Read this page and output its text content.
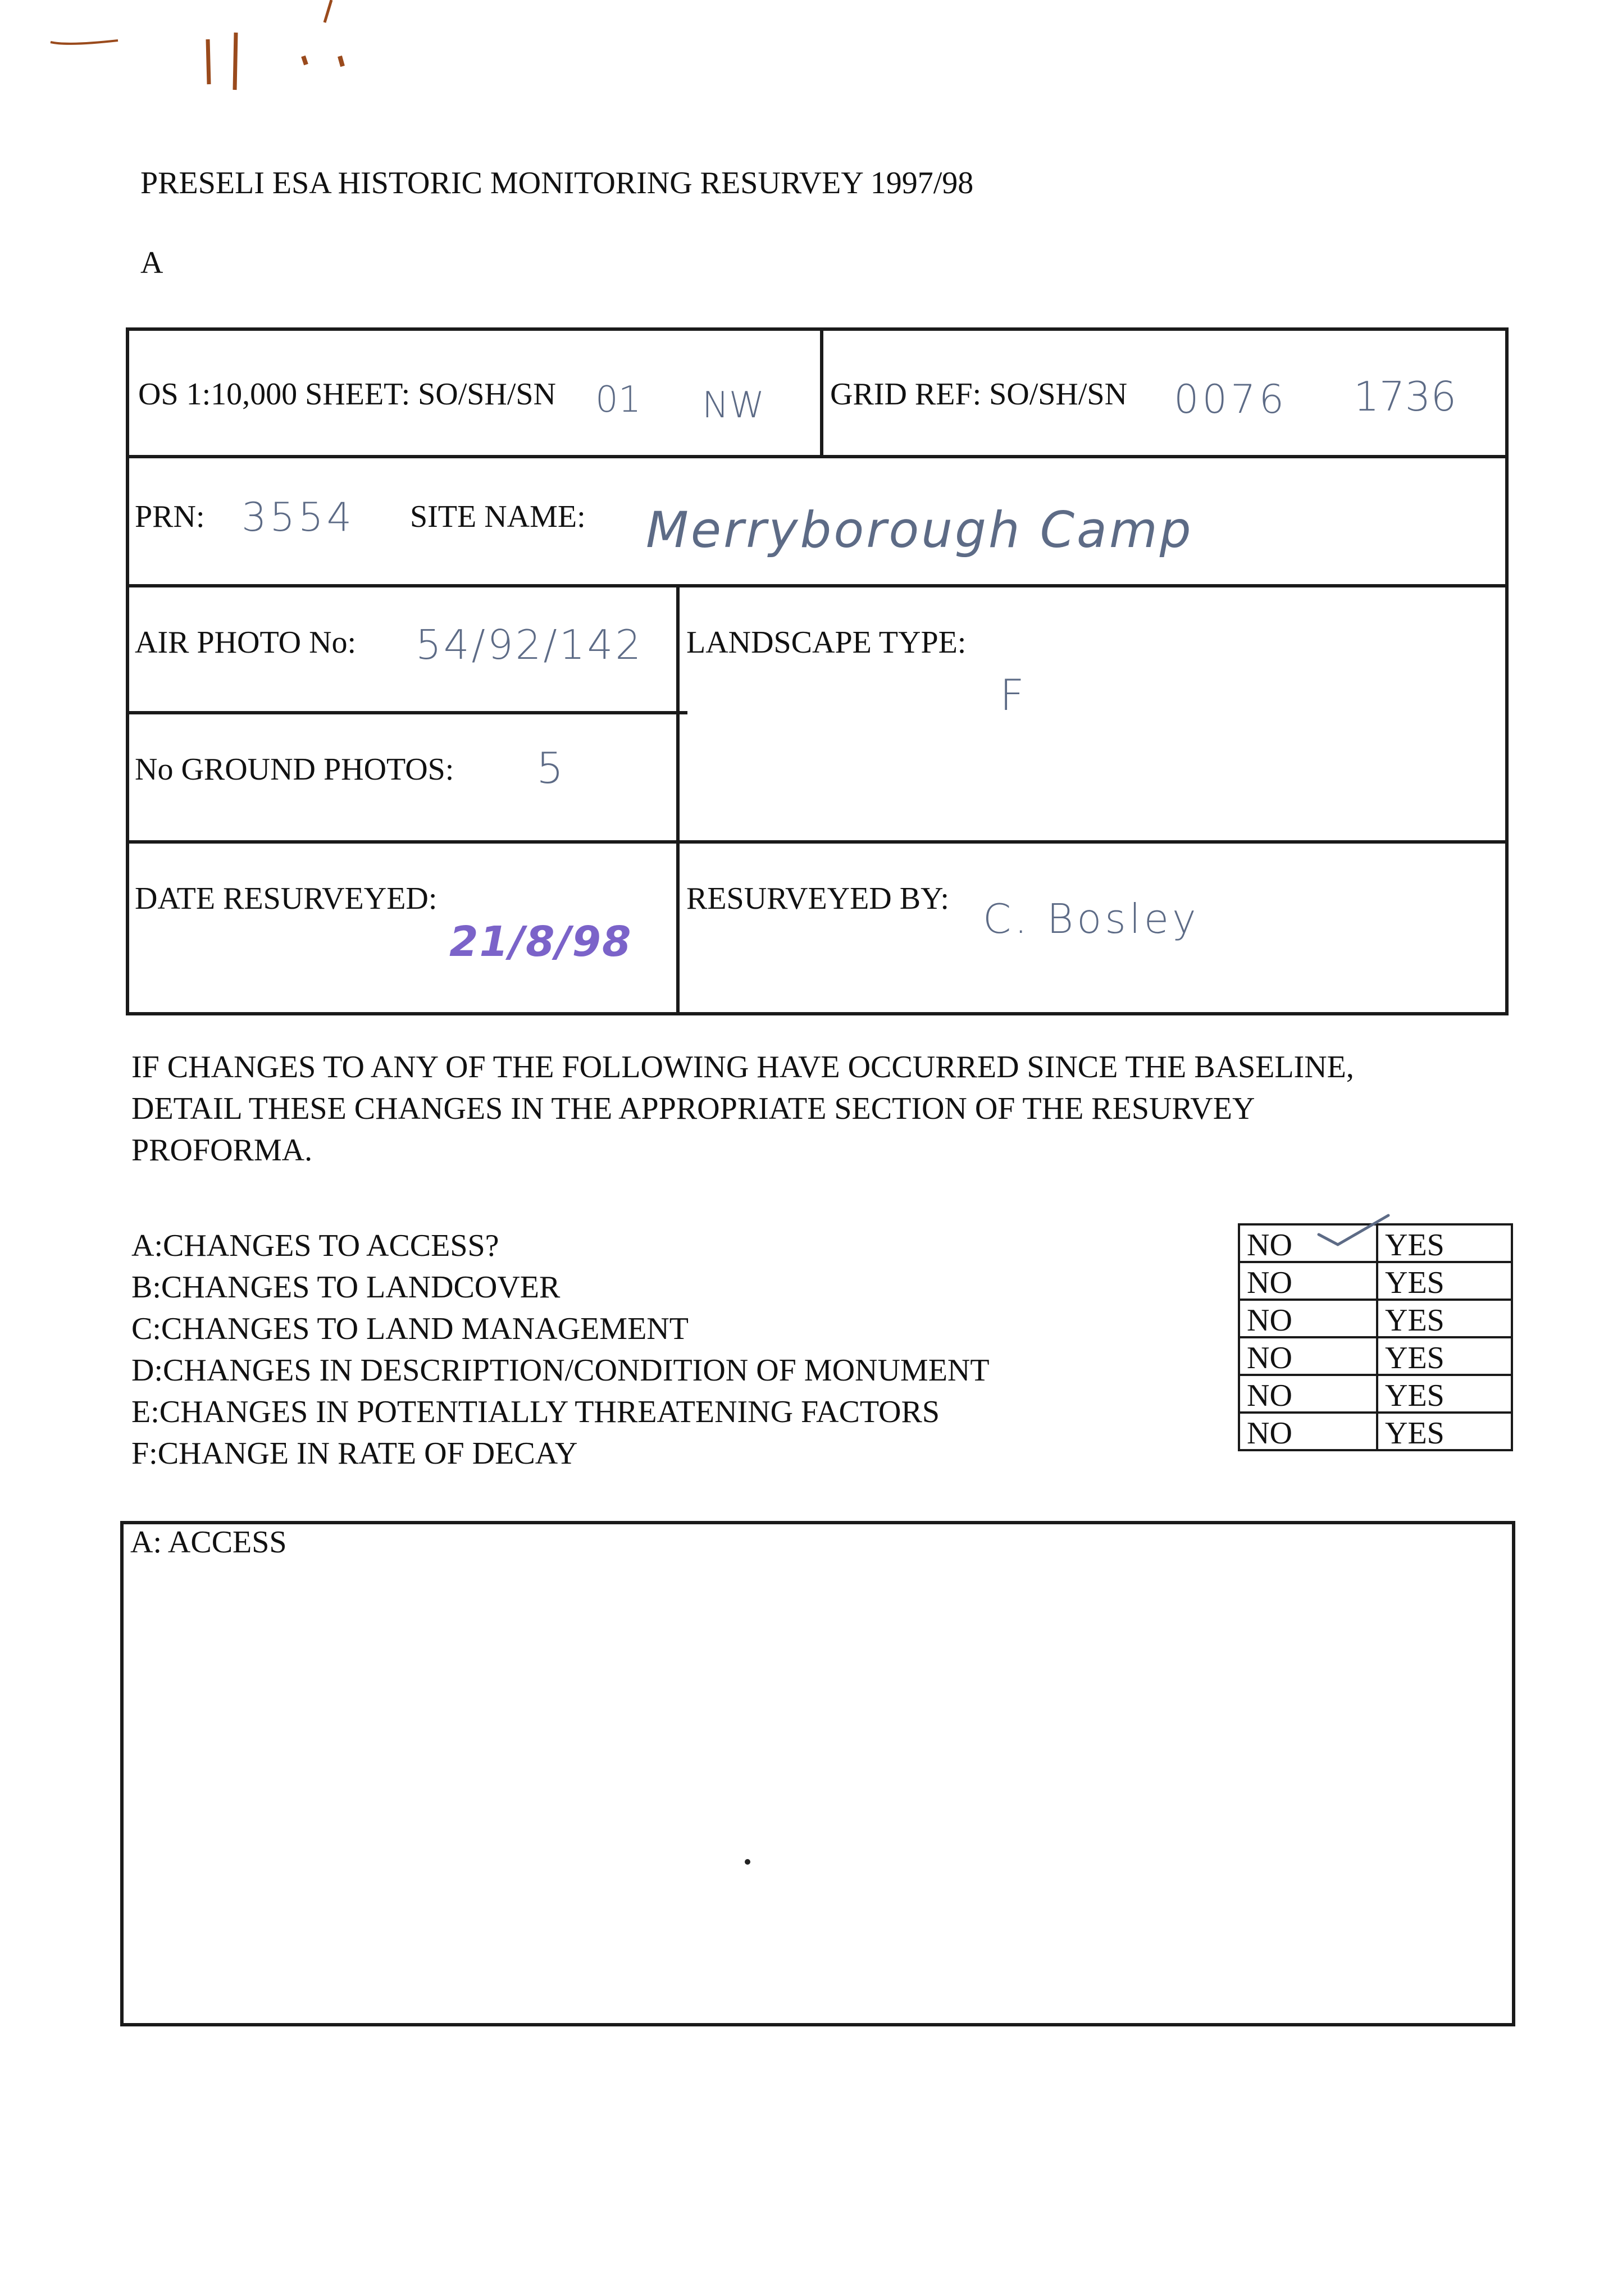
PRESELI ESA HISTORIC MONITORING RESURVEY 1997/98
A
OS 1:10,000 SHEET: SO/SH/SN 01 NW GRID REF: SO/SH/SN 0076 1736
PRN: 3554 SITE NAME: Merryborough Camp
AIR PHOTO No: 54/92/142 LANDSCAPE TYPE:
F
No GROUND PHOTOS: 5
DATE RESURVEYED:
21/8/98
RESURVEYED BY: C. Bosley
IF CHANGES TO ANY OF THE FOLLOWING HAVE OCCURRED SINCE THE BASELINE,
DETAIL THESE CHANGES IN THE APPROPRIATE SECTION OF THE RESURVEY
PROFORMA.
A:CHANGES TO ACCESS?
B:CHANGES TO LANDCOVER
C:CHANGES TO LAND MANAGEMENT
D:CHANGES IN DESCRIPTION/CONDITION OF MONUMENT
E:CHANGES IN POTENTIALLY THREATENING FACTORS
F:CHANGE IN RATE OF DECAY
NO	YES
NO	YES
NO	YES
NO	YES
NO	YES
NO	YES
A: ACCESS
